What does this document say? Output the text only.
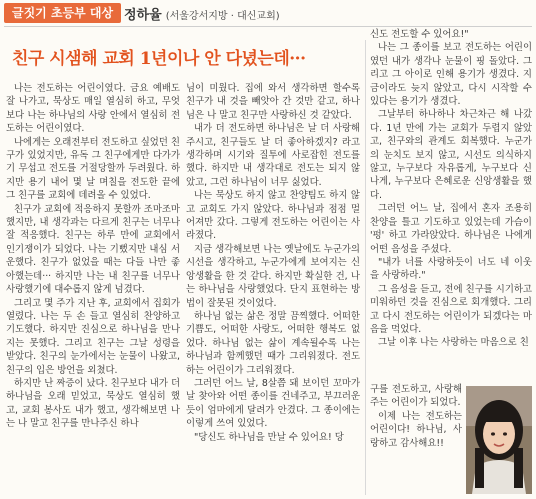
글짓기 초등부 대상 정하율 (서울강서지방 · 대신교회)
친구 시샘해 교회 1년이나 안 다녔는데···

나는 전도하는 어린이였다. 금요 예배도 잘 나가고, 묵상도 매일 열심히 하고, 무엇보다 나는 하나님의 사랑 안에서 열심히 전도하는 어린이였다.

나에게는 오래전부터 전도하고 싶었던 친구가 있었지만, 유독 그 친구에게만 다가가기 무섭고 전도를 거절당할까 두려웠다. 하지만 용기 내어 몇 날 며칠을 전도한 끝에 그 친구를 교회에 데려올 수 있었다.

친구가 교회에 적응하지 못할까 조마조마했지만, 내 생각과는 다르게 친구는 너무나 잘 적응했다. 친구는 하루 만에 교회에서 인기쟁이가 되었다. 나는 기뻤지만 내심 서운했다. 친구가 없었을 때는 다들 나만 좋아했는데··· 하지만 나는 내 친구를 너무나 사랑했기에 대수롭지 않게 넘겼다.

그리고 몇 주가 지난 후, 교회에서 집회가 열렸다. 나는 두 손 들고 열심히 찬양하고 기도했다. 하지만 진심으로 하나님을 만나지는 못했다. 그리고 친구는 그날 성령을 받았다. 친구의 눈가에서는 눈물이 나왔고, 친구의 입은 방언을 외쳤다.

하지만 난 짜증이 났다. 친구보다 내가 더 하나님을 오래 믿었고, 묵상도 열심히 했고, 교회 봉사도 내가 했고, 생각해보면 나는 나 말고 친구를 만나주신 하나

님이 미웠다. 집에 와서 생각하면 할수록 친구가 내 것을 빼앗아 간 것만 같고, 하나님은 나 말고 친구만 사랑하신 것 같았다.

내가 더 전도하면 하나님은 날 더 사랑해주시고, 친구들도 날 더 좋아하겠지? 라고 생각하며 시기와 질투에 사로잡힌 전도를 했다. 하지만 내 생각대로 전도는 되지 않았고, 그런 하나님이 너무 싫었다.

나는 묵상도 하지 않고 찬양팀도 하지 않고 교회도 가지 않았다. 하나님과 점점 멀어져만 갔다. 그렇게 전도하는 어린이는 사라졌다.

지금 생각해보면 나는 옛날에도 누군가의 시선을 생각하고, 누군가에게 보여지는 신앙생활을 한 것 같다. 하지만 확실한 건, 나는 하나님을 사랑했었다. 단지 표현하는 방법이 잘못된 것이었다.

하나님 없는 삶은 정말 끔찍했다. 어떠한 기쁨도, 어떠한 사랑도, 어떠한 행복도 없었다. 하나님 없는 삶이 계속될수록 나는 하나님과 함께했던 때가 그리워졌다. 전도하는 어린이가 그리워졌다.

그러던 어느 날, 8살쯤 돼 보이던 꼬마가 날 찾아와 어떤 종이를 건네주고, 부끄러운 듯이 엄마에게 달려가 안겼다. 그 종이에는 이렇게 쓰여 있었다.

"당신도 하나님을 만날 수 있어요! 당

신도 전도할 수 있어요!"

나는 그 종이를 보고 전도하는 어린이였던 내가 생각나 눈물이 핑 돌았다. 그리고 그 아이로 인해 용기가 생겼다. 지금이라도 늦지 않았고, 다시 시작할 수 있다는 용기가 생겼다.

그날부터 하나하나 차근차근 해 나갔다. 1년 만에 가는 교회가 두렵지 않았고, 친구와의 관계도 회복했다. 누군가의 눈치도 보지 않고, 시선도 의식하지 않고, 누구보다 자유롭게, 누구보다 신나게, 누구보다 은혜로운 신앙생활을 했다.

그러던 어느 날, 집에서 혼자 조용히 찬양을 틀고 기도하고 있었는데 가슴이 '펑' 하고 가라앉았다. 하나님은 나에게 어떤 음성을 주셨다.

"내가 너를 사랑하듯이 너도 네 이웃을 사랑하라."

그 음성을 듣고, 전에 친구를 시기하고 미워하던 것을 진심으로 회개했다. 그리고 다시 전도하는 어린이가 되겠다는 마음을 먹었다.

그날 이후 나는 사랑하는 마음으로 친

구를 전도하고, 사랑해주는 어린이가 되었다.

이제 나는 전도하는 어린이다! 하나님, 사랑하고 감사해요!!
